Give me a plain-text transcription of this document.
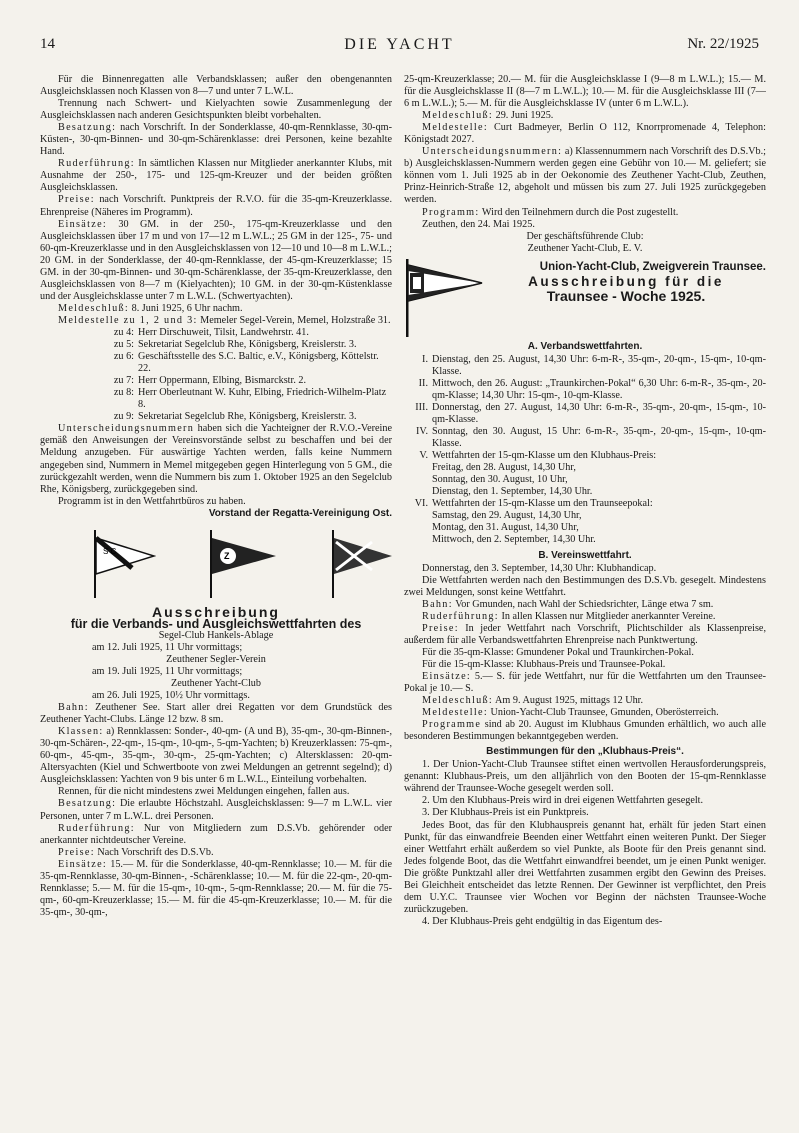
14	DIE YACHT	Nr. 22/1925

Für die Binnenregatten alle Verbandsklassen; außer den obengenannten Ausgleichsklassen noch Klassen von 8—7 und unter 7 L.W.L.

Trennung nach Schwert- und Kielyachten sowie Zusammenlegung der Ausgleichsklassen nach anderen Gesichtspunkten bleibt vorbehalten.

Besatzung: nach Vorschrift. In der Sonderklasse, 40-qm-Rennklasse, 30-qm-Küsten-, 30-qm-Binnen- und 30-qm-Schärenklasse: drei Personen, keine bezahlte Hand.

Ruderführung: In sämtlichen Klassen nur Mitglieder anerkannter Klubs, mit Ausnahme der 250-, 175- und 125-qm-Kreuzer und der beiden größten Ausgleichsklassen.

Preise: nach Vorschrift. Punktpreis der R.V.O. für die 35-qm-Kreuzerklasse. Ehrenpreise (Näheres im Programm).

Einsätze: 30 GM. in der 250-, 175-qm-Kreuzerklasse und den Ausgleichsklassen über 17 m und von 17—12 m L.W.L.; 25 GM in der 125-, 75- und 60-qm-Kreuzerklasse und in den Ausgleichsklassen von 12—10 und 10—8 m L.W.L.; 20 GM. in der Sonderklasse, der 40-qm-Rennklasse, der 45-qm-Kreuzerklasse; 15 GM. in der 30-qm-Binnen- und 30-qm-Schärenklasse, der 35-qm-Kreuzerklasse, den Ausgleichsklassen von 8—7 m (Kielyachten); 10 GM. in der 30-qm-Küstenklasse und der Ausgleichsklasse unter 7 m L.W.L. (Schwertyachten).

Meldeschluß: 8. Juni 1925, 6 Uhr nachm.

Meldestelle zu 1, 2 und 3: Memeler Segel-Verein, Memel, Holzstraße 31.

zu 4: Herr Dirschuweit, Tilsit, Landwehrstr. 41.
zu 5: Sekretariat Segelclub Rhe, Königsberg, Kreislerstr. 3.
zu 6: Geschäftsstelle des S.C. Baltic, e.V., Königsberg, Köttelstr. 22.
zu 7: Herr Oppermann, Elbing, Bismarckstr. 2.
zu 8: Herr Oberleutnant W. Kuhr, Elbing, Friedrich-Wilhelm-Platz 8.
zu 9: Sekretariat Segelclub Rhe, Königsberg, Kreislerstr. 3.

Unterscheidungsnummern haben sich die Yachteigner der R.V.O.-Vereine gemäß den Anweisungen der Vereinsvorstände selbst zu beschaffen und bei der Meldung anzugeben. Für auswärtige Yachten werden, falls keine Nummern angegeben sind, Nummern in Memel mitgegeben gegen Hinterlegung von 5 GM., die zurückgezahlt werden, wenn die Nummern bis zum 1. Oktober 1925 an den Segelclub Rhe, Königsberg, zurückgegeben sind.

Programm ist in den Wettfahrtbüros zu haben.

Vorstand der Regatta-Vereinigung Ost.

S C	Z

Ausschreibung

für die Verbands- und Ausgleichswettfahrten des

Segel-Club Hankels-Ablage

am 12. Juli 1925, 11 Uhr vormittags;

Zeuthener Segler-Verein

am 19. Juli 1925, 11 Uhr vormittags;

Zeuthener Yacht-Club

am 26. Juli 1925, 10½ Uhr vormittags.

Bahn: Zeuthener See. Start aller drei Regatten vor dem Grundstück des Zeuthener Yacht-Clubs. Länge 12 bzw. 8 sm.

Klassen: a) Rennklassen: Sonder-, 40-qm- (A und B), 35-qm-, 30-qm-Binnen-, 30-qm-Schären-, 22-qm-, 15-qm-, 10-qm-, 5-qm-Yachten; b) Kreuzerklassen: 75-qm-, 60-qm-, 45-qm-, 35-qm-, 30-qm-, 25-qm-Yachten; c) Altersklassen: 20-qm-Altersyachten (Kiel und Schwertboote von zwei Meldungen an getrennt segelnd); d) Ausgleichsklassen: Yachten von 9 bis unter 6 m L.W.L., Einteilung vorbehalten.

Rennen, für die nicht mindestens zwei Meldungen eingehen, fallen aus.

Besatzung: Die erlaubte Höchstzahl. Ausgleichsklassen: 9—7 m L.W.L. vier Personen, unter 7 m L.W.L. drei Personen.

Ruderführung: Nur von Mitgliedern zum D.S.Vb. gehörender oder anerkannter nichtdeutscher Vereine.

Preise: Nach Vorschrift des D.S.Vb.

Einsätze: 15.— M. für die Sonderklasse, 40-qm-Rennklasse; 10.— M. für die 35-qm-Rennklasse, 30-qm-Binnen-, -Schärenklasse; 10.— M. für die 22-qm-, 20-qm-Rennklasse; 5.— M. für die 15-qm-, 10-qm-, 5-qm-Rennklasse; 20.— M. für die 75-qm-, 60-qm-Kreuzerklasse; 15.— M. für die 45-qm-Kreuzerklasse; 10.— M. für die 35-qm-, 30-qm-,

25-qm-Kreuzerklasse; 20.— M. für die Ausgleichsklasse I (9—8 m L.W.L.); 15.— M. für die Ausgleichsklasse II (8—7 m L.W.L.); 10.— M. für die Ausgleichsklasse III (7—6 m L.W.L.); 5.— M. für die Ausgleichsklasse IV (unter 6 m L.W.L.).

Meldeschluß: 29. Juni 1925.

Meldestelle: Curt Badmeyer, Berlin O 112, Knorrpromenade 4, Telephon: Königstadt 2027.

Unterscheidungsnummern: a) Klassennummern nach Vorschrift des D.S.Vb.; b) Ausgleichsklassen-Nummern werden gegen eine Gebühr von 10.— M. geliefert; sie können vom 1. Juli 1925 ab in der Oekonomie des Zeuthener Yacht-Club, Zeuthen, Prinz-Heinrich-Straße 12, abgeholt und müssen bis zum 27. Juli 1925 zurückgegeben werden.

Programm: Wird den Teilnehmern durch die Post zugestellt.

Zeuthen, den 24. Mai 1925.

Der geschäftsführende Club:

Zeuthener Yacht-Club, E. V.

Union-Yacht-Club, Zweigverein Traunsee.

Ausschreibung für die

Traunsee - Woche 1925.

A. Verbandswettfahrten.

I. Dienstag, den 25. August, 14,30 Uhr: 6-m-R-, 35-qm-, 20-qm-, 15-qm-, 10-qm-Klasse.
II. Mittwoch, den 26. August: „Traunkirchen-Pokal“ 6,30 Uhr: 6-m-R-, 35-qm-, 20-qm-Klasse; 14,30 Uhr: 15-qm-, 10-qm-Klasse.
III. Donnerstag, den 27. August, 14,30 Uhr: 6-m-R-, 35-qm-, 20-qm-, 15-qm-, 10-qm-Klasse.
IV. Sonntag, den 30. August, 15 Uhr: 6-m-R-, 35-qm-, 20-qm-, 15-qm-, 10-qm-Klasse.
V. Wettfahrten der 15-qm-Klasse um den Klubhaus-Preis:

Freitag, den 28. August, 14,30 Uhr,

Sonntag, den 30. August, 10 Uhr,

Dienstag, den 1. September, 14,30 Uhr.

VI. Wettfahrten der 15-qm-Klasse um den Traunseepokal:

Samstag, den 29. August, 14,30 Uhr,

Montag, den 31. August, 14,30 Uhr,

Mittwoch, den 2. September, 14,30 Uhr.

B. Vereinswettfahrt.

Donnerstag, den 3. September, 14,30 Uhr: Klubhandicap.

Die Wettfahrten werden nach den Bestimmungen des D.S.Vb. gesegelt. Mindestens zwei Meldungen, sonst keine Wettfahrt.

Bahn: Vor Gmunden, nach Wahl der Schiedsrichter, Länge etwa 7 sm.

Ruderführung: In allen Klassen nur Mitglieder anerkannter Vereine.

Preise: In jeder Wettfahrt nach Vorschrift, Plichtschilder als Klassenpreise, außerdem für alle Verbandswettfahrten Ehrenpreise nach Punktwertung.

Für die 35-qm-Klasse: Gmundener Pokal und Traunkirchen-Pokal.

Für die 15-qm-Klasse: Klubhaus-Preis und Traunsee-Pokal.

Einsätze: 5.— S. für jede Wettfahrt, nur für die Wettfahrten um den Traunsee-Pokal je 10.— S.

Meldeschluß: Am 9. August 1925, mittags 12 Uhr.

Meldestelle: Union-Yacht-Club Traunsee, Gmunden, Oberösterreich.

Programme sind ab 20. August im Klubhaus Gmunden erhältlich, wo auch alle besonderen Bestimmungen bekanntgegeben werden.

Bestimmungen für den „Klubhaus-Preis“.

1. Der Union-Yacht-Club Traunsee stiftet einen wertvollen Herausforderungspreis, genannt: Klubhaus-Preis, um den alljährlich von den Booten der 15-qm-Rennklasse während der Traunsee-Woche gesegelt werden soll.

2. Um den Klubhaus-Preis wird in drei eigenen Wettfahrten gesegelt.

3. Der Klubhaus-Preis ist ein Punktpreis.

Jedes Boot, das für den Klubhauspreis genannt hat, erhält für jeden Start einen Punkt, für das einwandfreie Beenden einer Wettfahrt einen weiteren Punkt. Der Sieger einer Wettfahrt erhält außerdem so viel Punkte, als Boote für den Preis genannt sind. Jedes folgende Boot, das die Wettfahrt einwandfrei beendet, um je einen Punkt weniger. Die größte Punktzahl aller drei Wettfahrten zusammen ergibt den Gewinn des Preises. Bei Gleichheit entscheidet das letzte Rennen. Der Gewinner ist verpflichtet, den Preis dem U.Y.C. Traunsee vier Wochen vor Beginn der nächsten Traunsee-Woche zurückzugeben.

4. Der Klubhaus-Preis geht endgültig in das Eigentum des-
